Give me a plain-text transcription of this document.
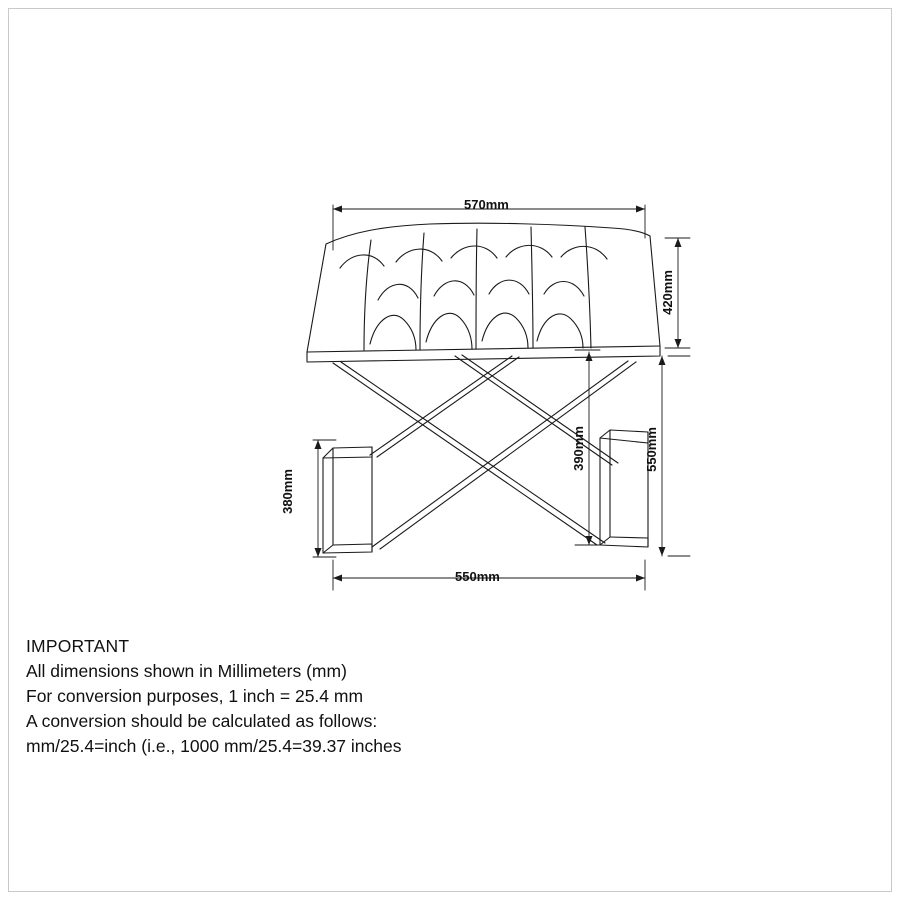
570mm
420mm
550mm
390mm
380mm
550mm
IMPORTANT
All dimensions shown in Millimeters (mm)
For conversion purposes, 1 inch = 25.4 mm
A conversion should be calculated as follows:
mm/25.4=inch (i.e., 1000 mm/25.4=39.37 inches
